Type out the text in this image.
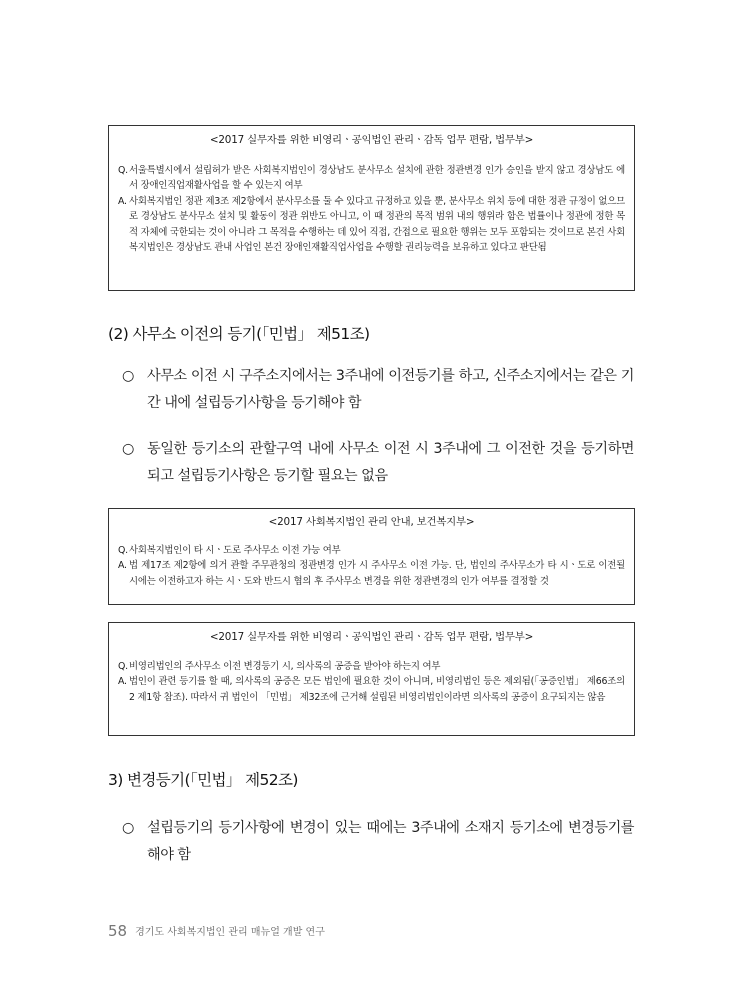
<2017 실무자를 위한 비영리ㆍ공익법인 관리ㆍ감독 업무 편람, 법무부>
Q. 서울특별시에서 설립허가 받은 사회복지법인이 경상남도 분사무소 설치에 관한 정관변경 인가 승인을 받지 않고 경상남도 에서 장애인직업재활사업을 할 수 있는지 여부
A. 사회복지법인 정관 제3조 제2항에서 분사무소를 둘 수 있다고 규정하고 있을 뿐, 분사무소 위치 등에 대한 정관 규정이 없으므로 경상남도 분사무소 설치 및 활동이 정관 위반도 아니고, 이 때 정관의 목적 범위 내의 행위라 함은 법률이나 정관에 정한 목적 자체에 국한되는 것이 아니라 그 목적을 수행하는 데 있어 직접, 간접으로 필요한 행위는 모두 포함되는 것이므로 본건 사회복지법인은 경상남도 관내 사업인 본건 장애인재활직업사업을 수행할 권리능력을 보유하고 있다고 판단됨
(2) 사무소 이전의 등기(「민법」 제51조)
○ 사무소 이전 시 구주소지에서는 3주내에 이전등기를 하고, 신주소지에서는 같은 기간 내에 설립등기사항을 등기해야 함
○ 동일한 등기소의 관할구역 내에 사무소 이전 시 3주내에 그 이전한 것을 등기하면 되고 설립등기사항은 등기할 필요는 없음
<2017 사회복지법인 관리 안내, 보건복지부>
Q. 사회복지법인이 타 시ㆍ도로 주사무소 이전 가능 여부
A. 법 제17조 제2항에 의거 관할 주무관청의 정관변경 인가 시 주사무소 이전 가능. 단, 법인의 주사무소가 타 시ㆍ도로 이전될 시에는 이전하고자 하는 시ㆍ도와 반드시 협의 후 주사무소 변경을 위한 정관변경의 인가 여부를 결정할 것
<2017 실무자를 위한 비영리ㆍ공익법인 관리ㆍ감독 업무 편람, 법무부>
Q. 비영리법인의 주사무소 이전 변경등기 시, 의사록의 공증을 받아야 하는지 여부
A. 법인이 관련 등기를 할 때, 의사록의 공증은 모든 법인에 필요한 것이 아니며, 비영리법인 등은 제외됨(「공증인법」 제66조의 2 제1항 참조). 따라서 귀 법인이 「민법」 제32조에 근거해 설립된 비영리법인이라면 의사록의 공증이 요구되지는 않음
3) 변경등기(「민법」 제52조)
○ 설립등기의 등기사항에 변경이 있는 때에는 3주내에 소재지 등기소에 변경등기를 해야 함
58 경기도 사회복지법인 관리 매뉴얼 개발 연구
